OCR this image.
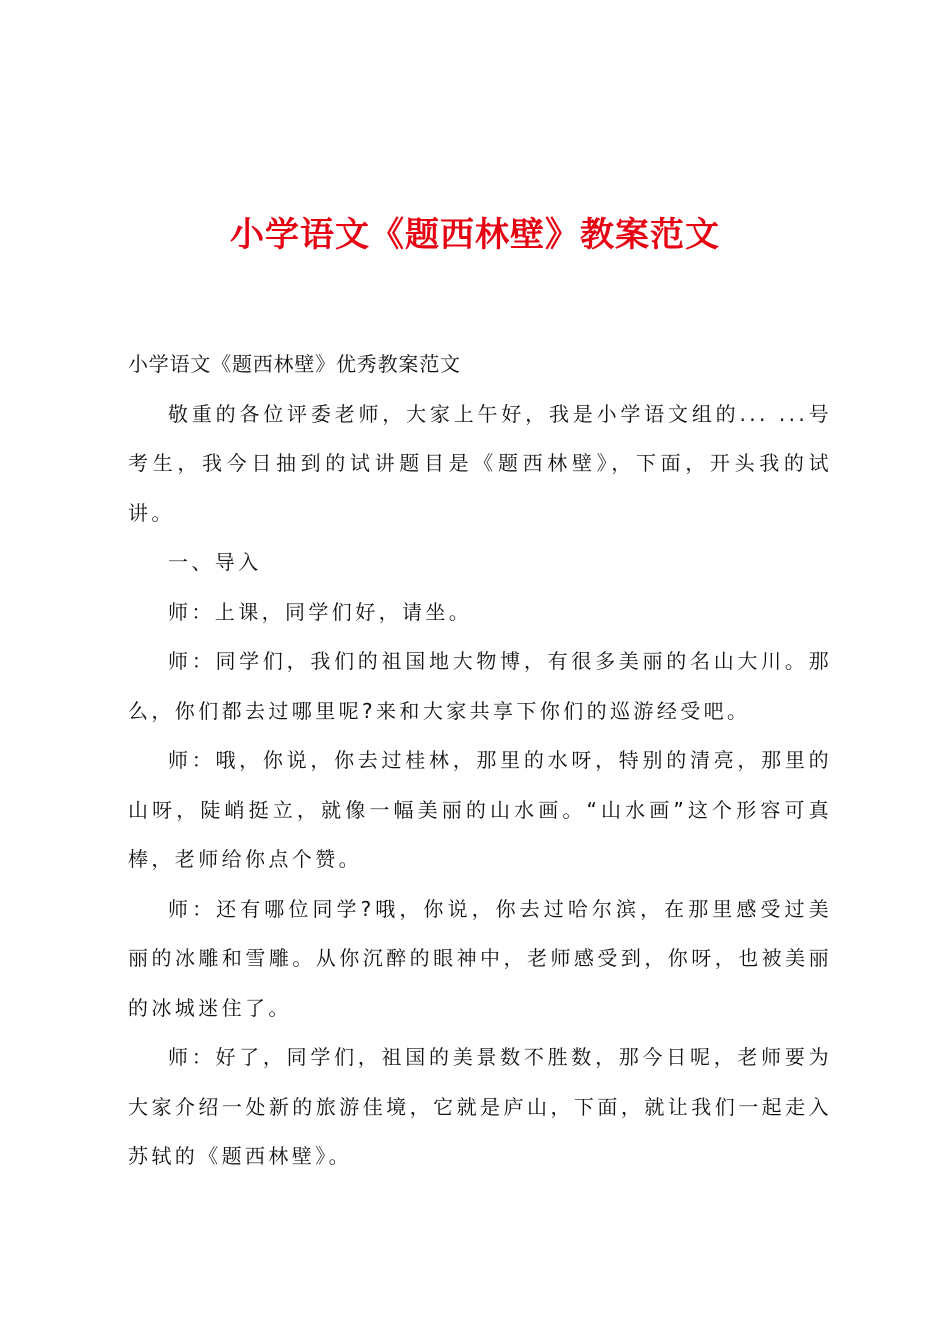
小学语文《题西林壁》教案范文

小学语文《题西林壁》优秀教案范文

敬重的各位评委老师，大家上午好，我是小学语文组的... ...号考生，我今日抽到的试讲题目是《题西林壁》，下面，开头我的试讲。

一、导入

师：上课，同学们好，请坐。

师：同学们，我们的祖国地大物博，有很多美丽的名山大川。那么，你们都去过哪里呢?来和大家共享下你们的巡游经受吧。

师：哦，你说，你去过桂林，那里的水呀，特别的清亮，那里的山呀，陡峭挺立，就像一幅美丽的山水画。“山水画”这个形容可真棒，老师给你点个赞。

师：还有哪位同学?哦，你说，你去过哈尔滨，在那里感受过美丽的冰雕和雪雕。从你沉醉的眼神中，老师感受到，你呀，也被美丽的冰城迷住了。

师：好了，同学们，祖国的美景数不胜数，那今日呢，老师要为大家介绍一处新的旅游佳境，它就是庐山，下面，就让我们一起走入苏轼的《题西林壁》。
